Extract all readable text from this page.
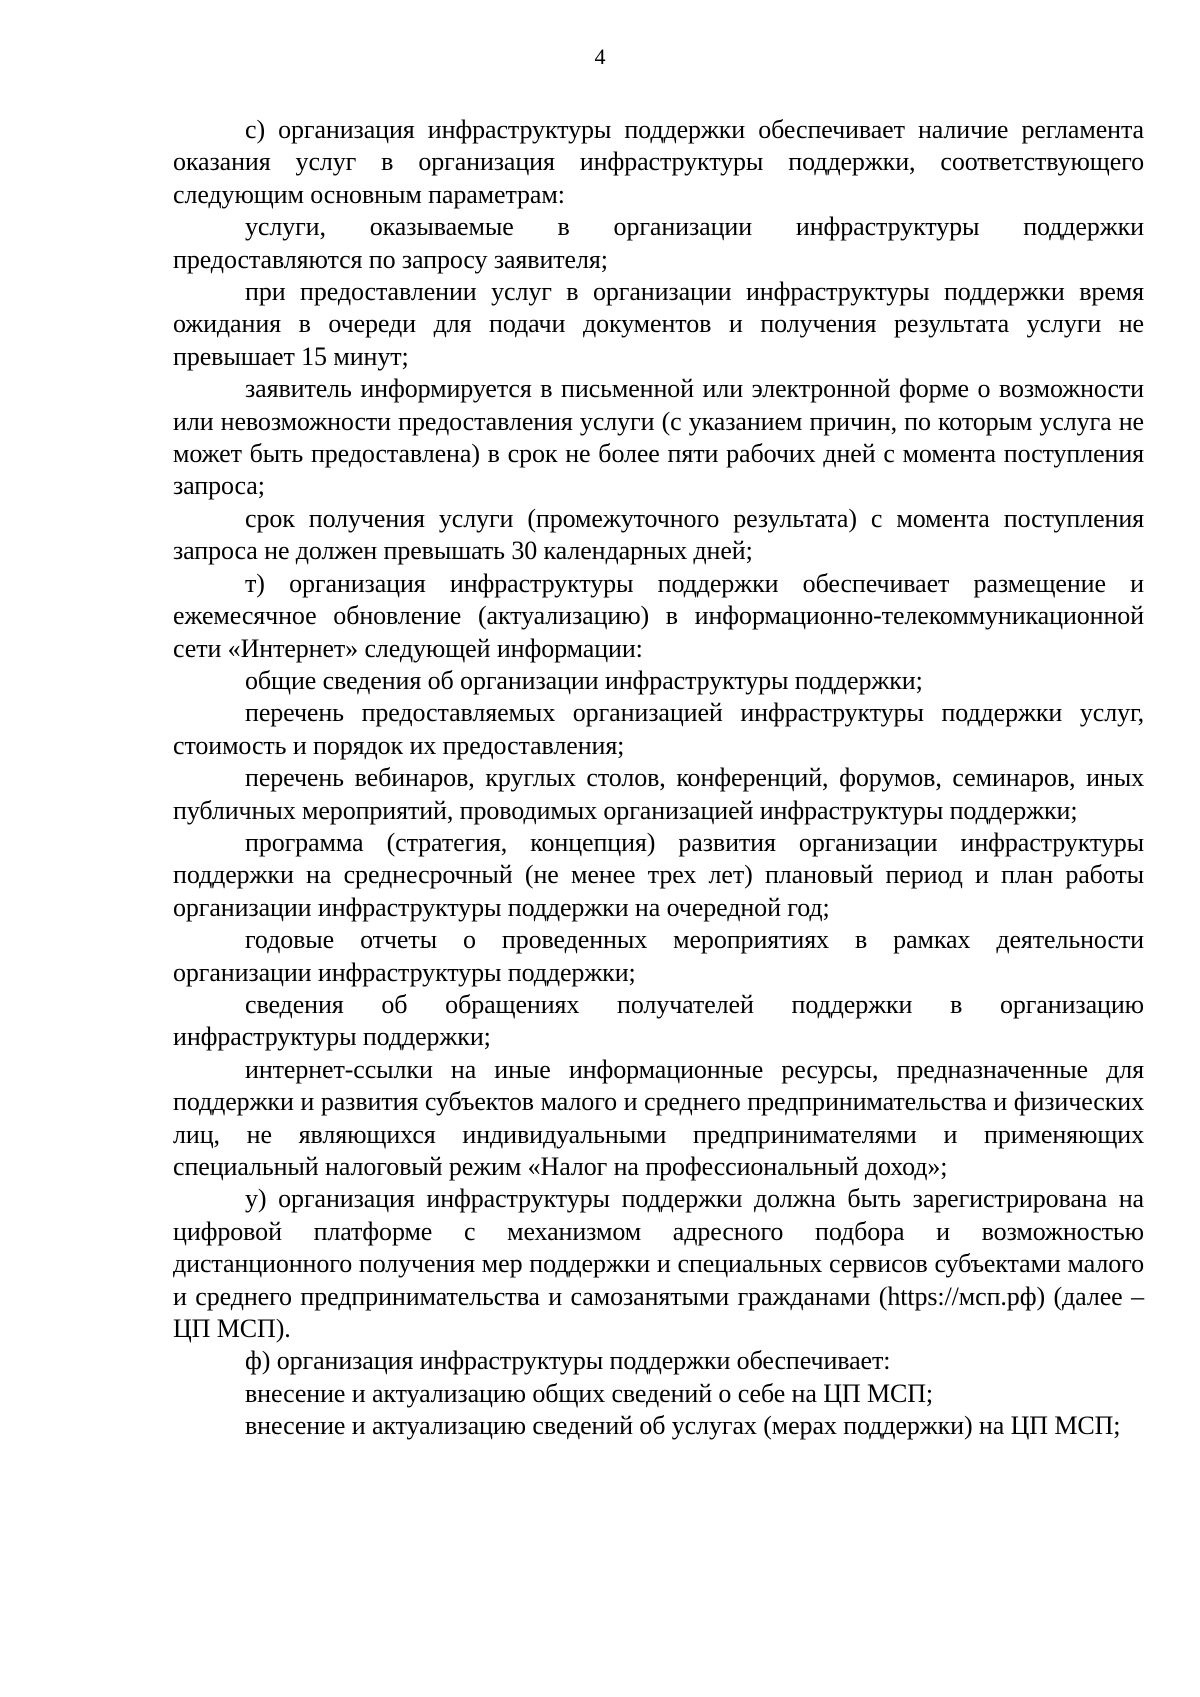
4

с) организация инфраструктуры поддержки обеспечивает наличие регламента оказания услуг в организация инфраструктуры поддержки, соответствующего следующим основным параметрам:

услуги, оказываемые в организации инфраструктуры поддержки предоставляются по запросу заявителя;

при предоставлении услуг в организации инфраструктуры поддержки время ожидания в очереди для подачи документов и получения результата услуги не превышает 15 минут;

заявитель информируется в письменной или электронной форме о возможности или невозможности предоставления услуги (с указанием причин, по которым услуга не может быть предоставлена) в срок не более пяти рабочих дней с момента поступления запроса;

срок получения услуги (промежуточного результата) с момента поступления запроса не должен превышать 30 календарных дней;

т) организация инфраструктуры поддержки обеспечивает размещение и ежемесячное обновление (актуализацию) в информационно-телекоммуникационной сети «Интернет» следующей информации:

общие сведения об организации инфраструктуры поддержки;

перечень предоставляемых организацией инфраструктуры поддержки услуг, стоимость и порядок их предоставления;

перечень вебинаров, круглых столов, конференций, форумов, семинаров, иных публичных мероприятий, проводимых организацией инфраструктуры поддержки;

программа (стратегия, концепция) развития организации инфраструктуры поддержки на среднесрочный (не менее трех лет) плановый период и план работы организации инфраструктуры поддержки на очередной год;

годовые отчеты о проведенных мероприятиях в рамках деятельности организации инфраструктуры поддержки;

сведения об обращениях получателей поддержки в организацию инфраструктуры поддержки;

интернет-ссылки на иные информационные ресурсы, предназначенные для поддержки и развития субъектов малого и среднего предпринимательства и физических лиц, не являющихся индивидуальными предпринимателями и применяющих специальный налоговый режим «Налог на профессиональный доход»;

у) организация инфраструктуры поддержки должна быть зарегистрирована на цифровой платформе с механизмом адресного подбора и возможностью дистанционного получения мер поддержки и специальных сервисов субъектами малого и среднего предпринимательства и самозанятыми гражданами (https://мсп.рф) (далее – ЦП МСП).

ф) организация инфраструктуры поддержки обеспечивает:

внесение и актуализацию общих сведений о себе на ЦП МСП;

внесение и актуализацию сведений об услугах (мерах поддержки) на ЦП МСП;
